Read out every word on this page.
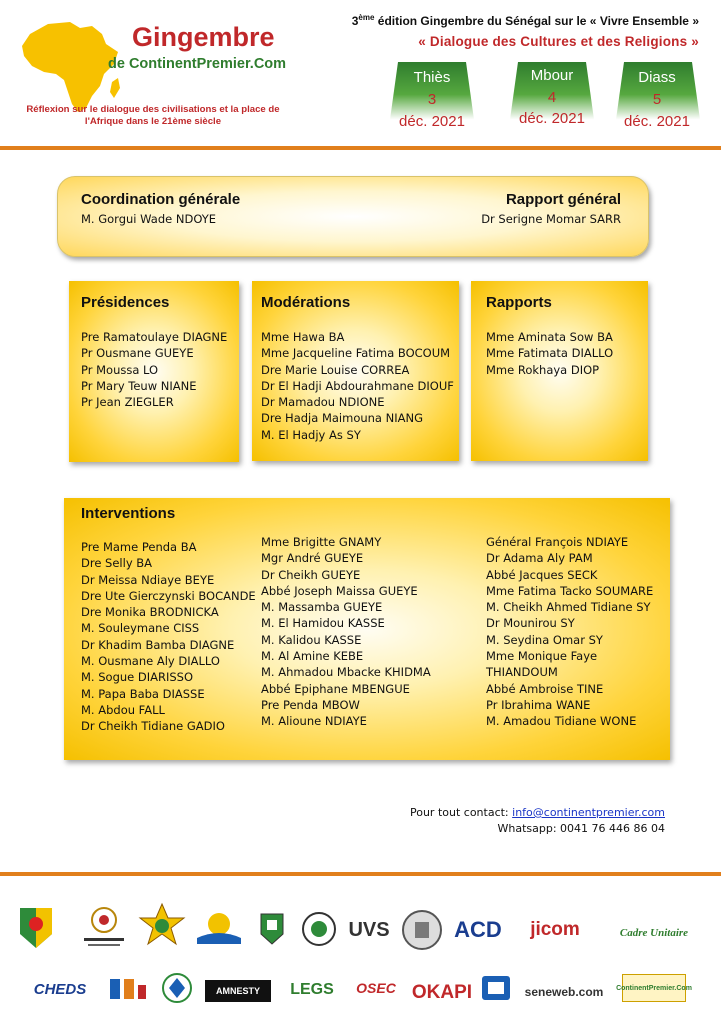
Gingembre
de ContinentPremier.Com
Réflexion sur le dialogue des civilisations et la place de l'Afrique dans le 21ème siècle
3ème édition Gingembre du Sénégal sur le « Vivre Ensemble »
« Dialogue des Cultures et des Religions »
Thiès
3
déc. 2021
Mbour
4
déc. 2021
Diass
5
déc. 2021
Coordination générale
M. Gorgui Wade NDOYE
Rapport général
Dr Serigne Momar SARR
Présidences
Pre Ramatoulaye DIAGNE
Pr Ousmane GUEYE
Pr Moussa LO
Pr Mary Teuw NIANE
Pr Jean ZIEGLER
Modérations
Mme Hawa BA
Mme Jacqueline Fatima BOCOUM
Dre Marie Louise CORREA
Dr El Hadji Abdourahmane DIOUF
Dr Mamadou NDIONE
Dre Hadja Maimouna NIANG
M. El Hadjy As SY
Rapports
Mme Aminata Sow BA
Mme Fatimata DIALLO
Mme Rokhaya DIOP
Interventions
Pre Mame Penda BA
Dre Selly BA
Dr Meissa Ndiaye BEYE
Dre Ute Gierczynski BOCANDE
Dre Monika BRODNICKA
M. Souleymane CISS
Dr Khadim Bamba DIAGNE
M. Ousmane Aly DIALLO
M. Sogue DIARISSO
M. Papa Baba DIASSE
M. Abdou FALL
Dr Cheikh Tidiane GADIO
Mme Brigitte GNAMY
Mgr André GUEYE
Dr Cheikh GUEYE
Abbé Joseph Maissa GUEYE
M. Massamba GUEYE
M. El Hamidou KASSE
M. Kalidou KASSE
M. Al Amine KEBE
M. Ahmadou Mbacke KHIDMA
Abbé Epiphane MBENGUE
Pre Penda MBOW
M. Alioune NDIAYE
Général François NDIAYE
Dr Adama Aly PAM
Abbé Jacques SECK
Mme Fatima Tacko SOUMARE
M. Cheikh Ahmed Tidiane SY
Dr Mounirou SY
M. Seydina Omar SY
Mme Monique Faye
THIANDOUM
Abbé Ambroise TINE
Pr Ibrahima WANE
M. Amadou Tidiane WONE
Pour tout contact: info@continentpremier.com
Whatsapp: 0041 76 446 86 04
UVS	ACD	jicom	Cadre Unitaire
CHEDS	AMNESTY	LEGS	OSEC OKAPI	seneweb.com	ContinentPremier.Com
